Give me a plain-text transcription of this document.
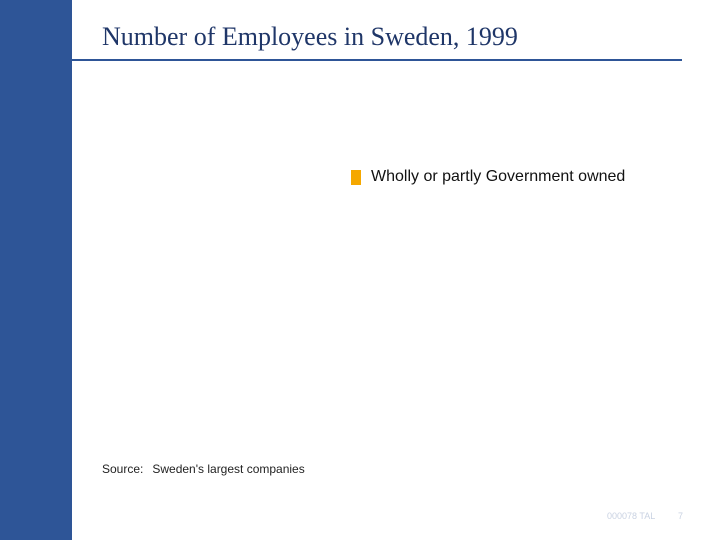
Number of Employees in Sweden, 1999
Wholly or partly Government owned
Source: Sweden's largest companies
000078 TAL	7
